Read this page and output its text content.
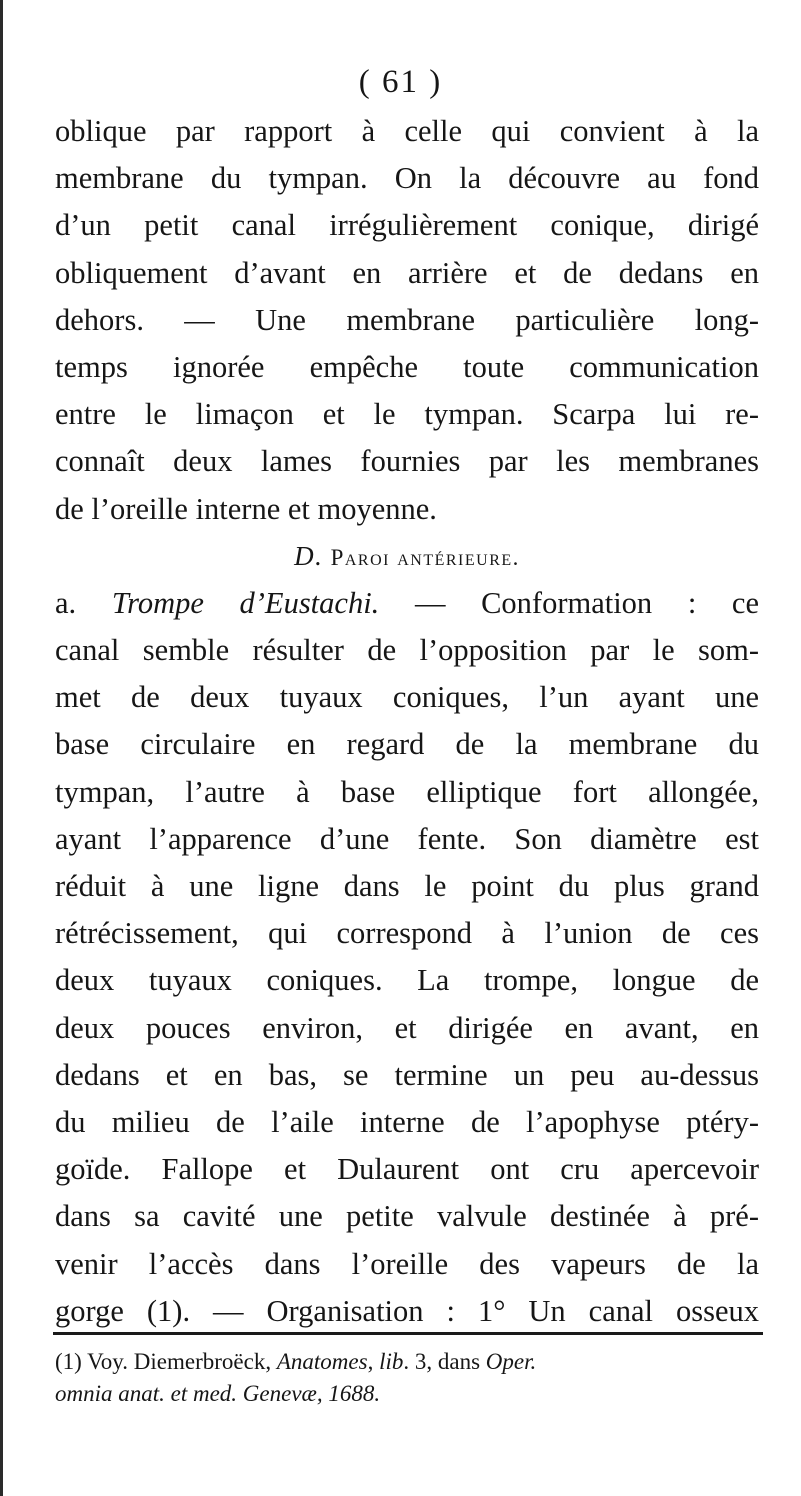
( 61 )
oblique par rapport à celle qui convient à la
membrane du tympan. On la découvre au fond
d’un petit canal irrégulièrement conique, dirigé
obliquement d’avant en arrière et de dedans en
dehors. — Une membrane particulière long-
temps ignorée empêche toute communication
entre le limaçon et le tympan. Scarpa lui re-
connaît deux lames fournies par les membranes
de l’oreille interne et moyenne.
D. Paroi antérieure.
a. Trompe d’Eustachi. — Conformation : ce
canal semble résulter de l’opposition par le som-
met de deux tuyaux coniques, l’un ayant une
base circulaire en regard de la membrane du
tympan, l’autre à base elliptique fort allongée,
ayant l’apparence d’une fente. Son diamètre est
réduit à une ligne dans le point du plus grand
rétrécissement, qui correspond à l’union de ces
deux tuyaux coniques. La trompe, longue de
deux pouces environ, et dirigée en avant, en
dedans et en bas, se termine un peu au-dessus
du milieu de l’aile interne de l’apophyse ptéry-
goïde. Fallope et Dulaurent ont cru apercevoir
dans sa cavité une petite valvule destinée à pré-
venir l’accès dans l’oreille des vapeurs de la
gorge (1). — Organisation : 1° Un canal osseux
(1) Voy. Diemerbroëck, Anatomes, lib. 3, dans Oper.
omnia anat. et med. Genevæ, 1688.
